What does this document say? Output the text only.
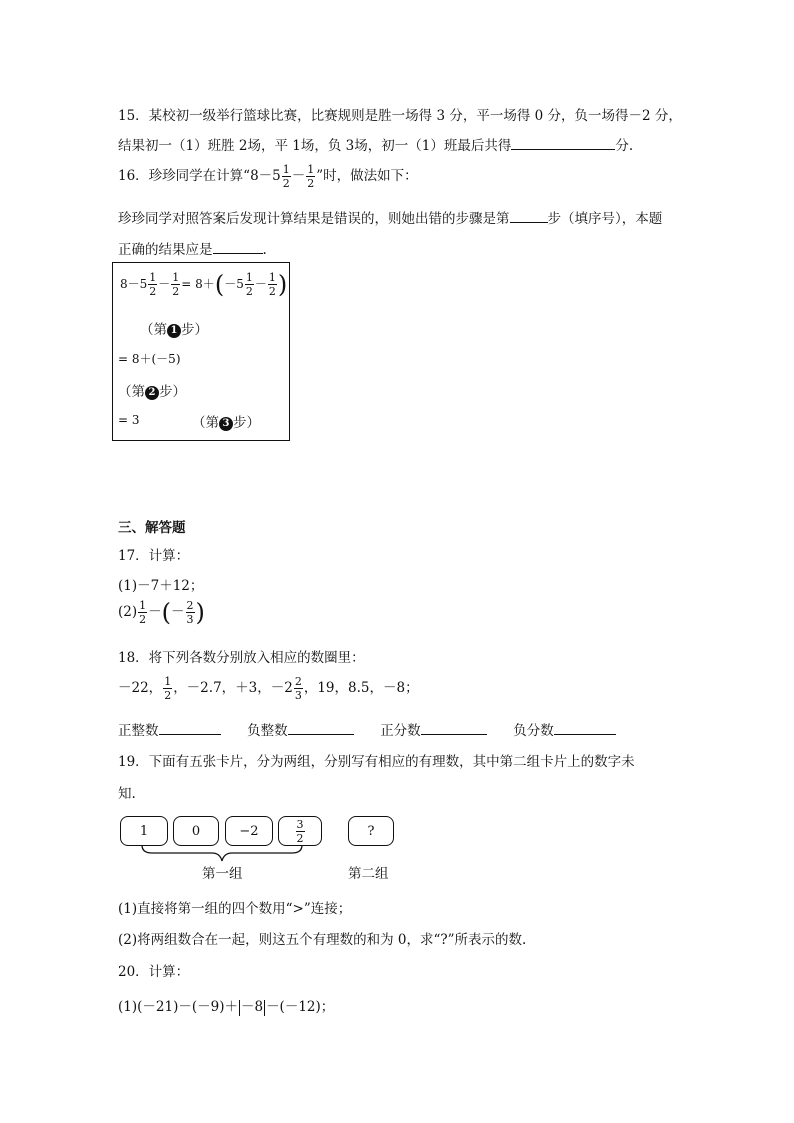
15．某校初一级举行篮球比赛，比赛规则是胜一场得 3 分，平一场得 0 分，负一场得－2 分，
结果初一（1）班胜 2场，平 1场，负 3场，初一（1）班最后共得	分.
16．珍珍同学在计算“$8-5 \frac{1}{2} - \frac{1}{2}$ ”时，做法如下：
珍珍同学对照答案后发现计算结果是错误的，则她出错的步骤是第	步（填序号），本题
正确的结果应是	.
$8-5 \frac{1}{2} - \frac{1}{2} = 8+(-5 \frac{1}{2} - \frac{1}{2}$ )
（第 1 步）
= 8＋(－5)
（第 2 步）
= 3	（第 3 步）
三、解答题
17．计算：
(1)－7＋12；
$(2) \frac{1}{2}$ －(－ $\frac{2}{3}$ )
18．将下列各数分别放入相应的数圈里：
－22， $\frac{1}{2}$ ，－2.7，＋3，$-2 \frac{2}{3}$ ，19，8.5，－8；
正整数	负整数	正分数	负分数
19．下面有五张卡片，分为两组，分别写有相应的有理数，其中第二组卡片上的数字未
知.
1	0	−2	$\frac{3}{2}$	?
第一组	第二组
(1)直接将第一组的四个数用“>”连接；
(2)将两组数合在一起，则这五个有理数的和为 0，求“?”所表示的数.
20．计算：
(1)(－21)－(－9)＋ －8 －(－12)；
